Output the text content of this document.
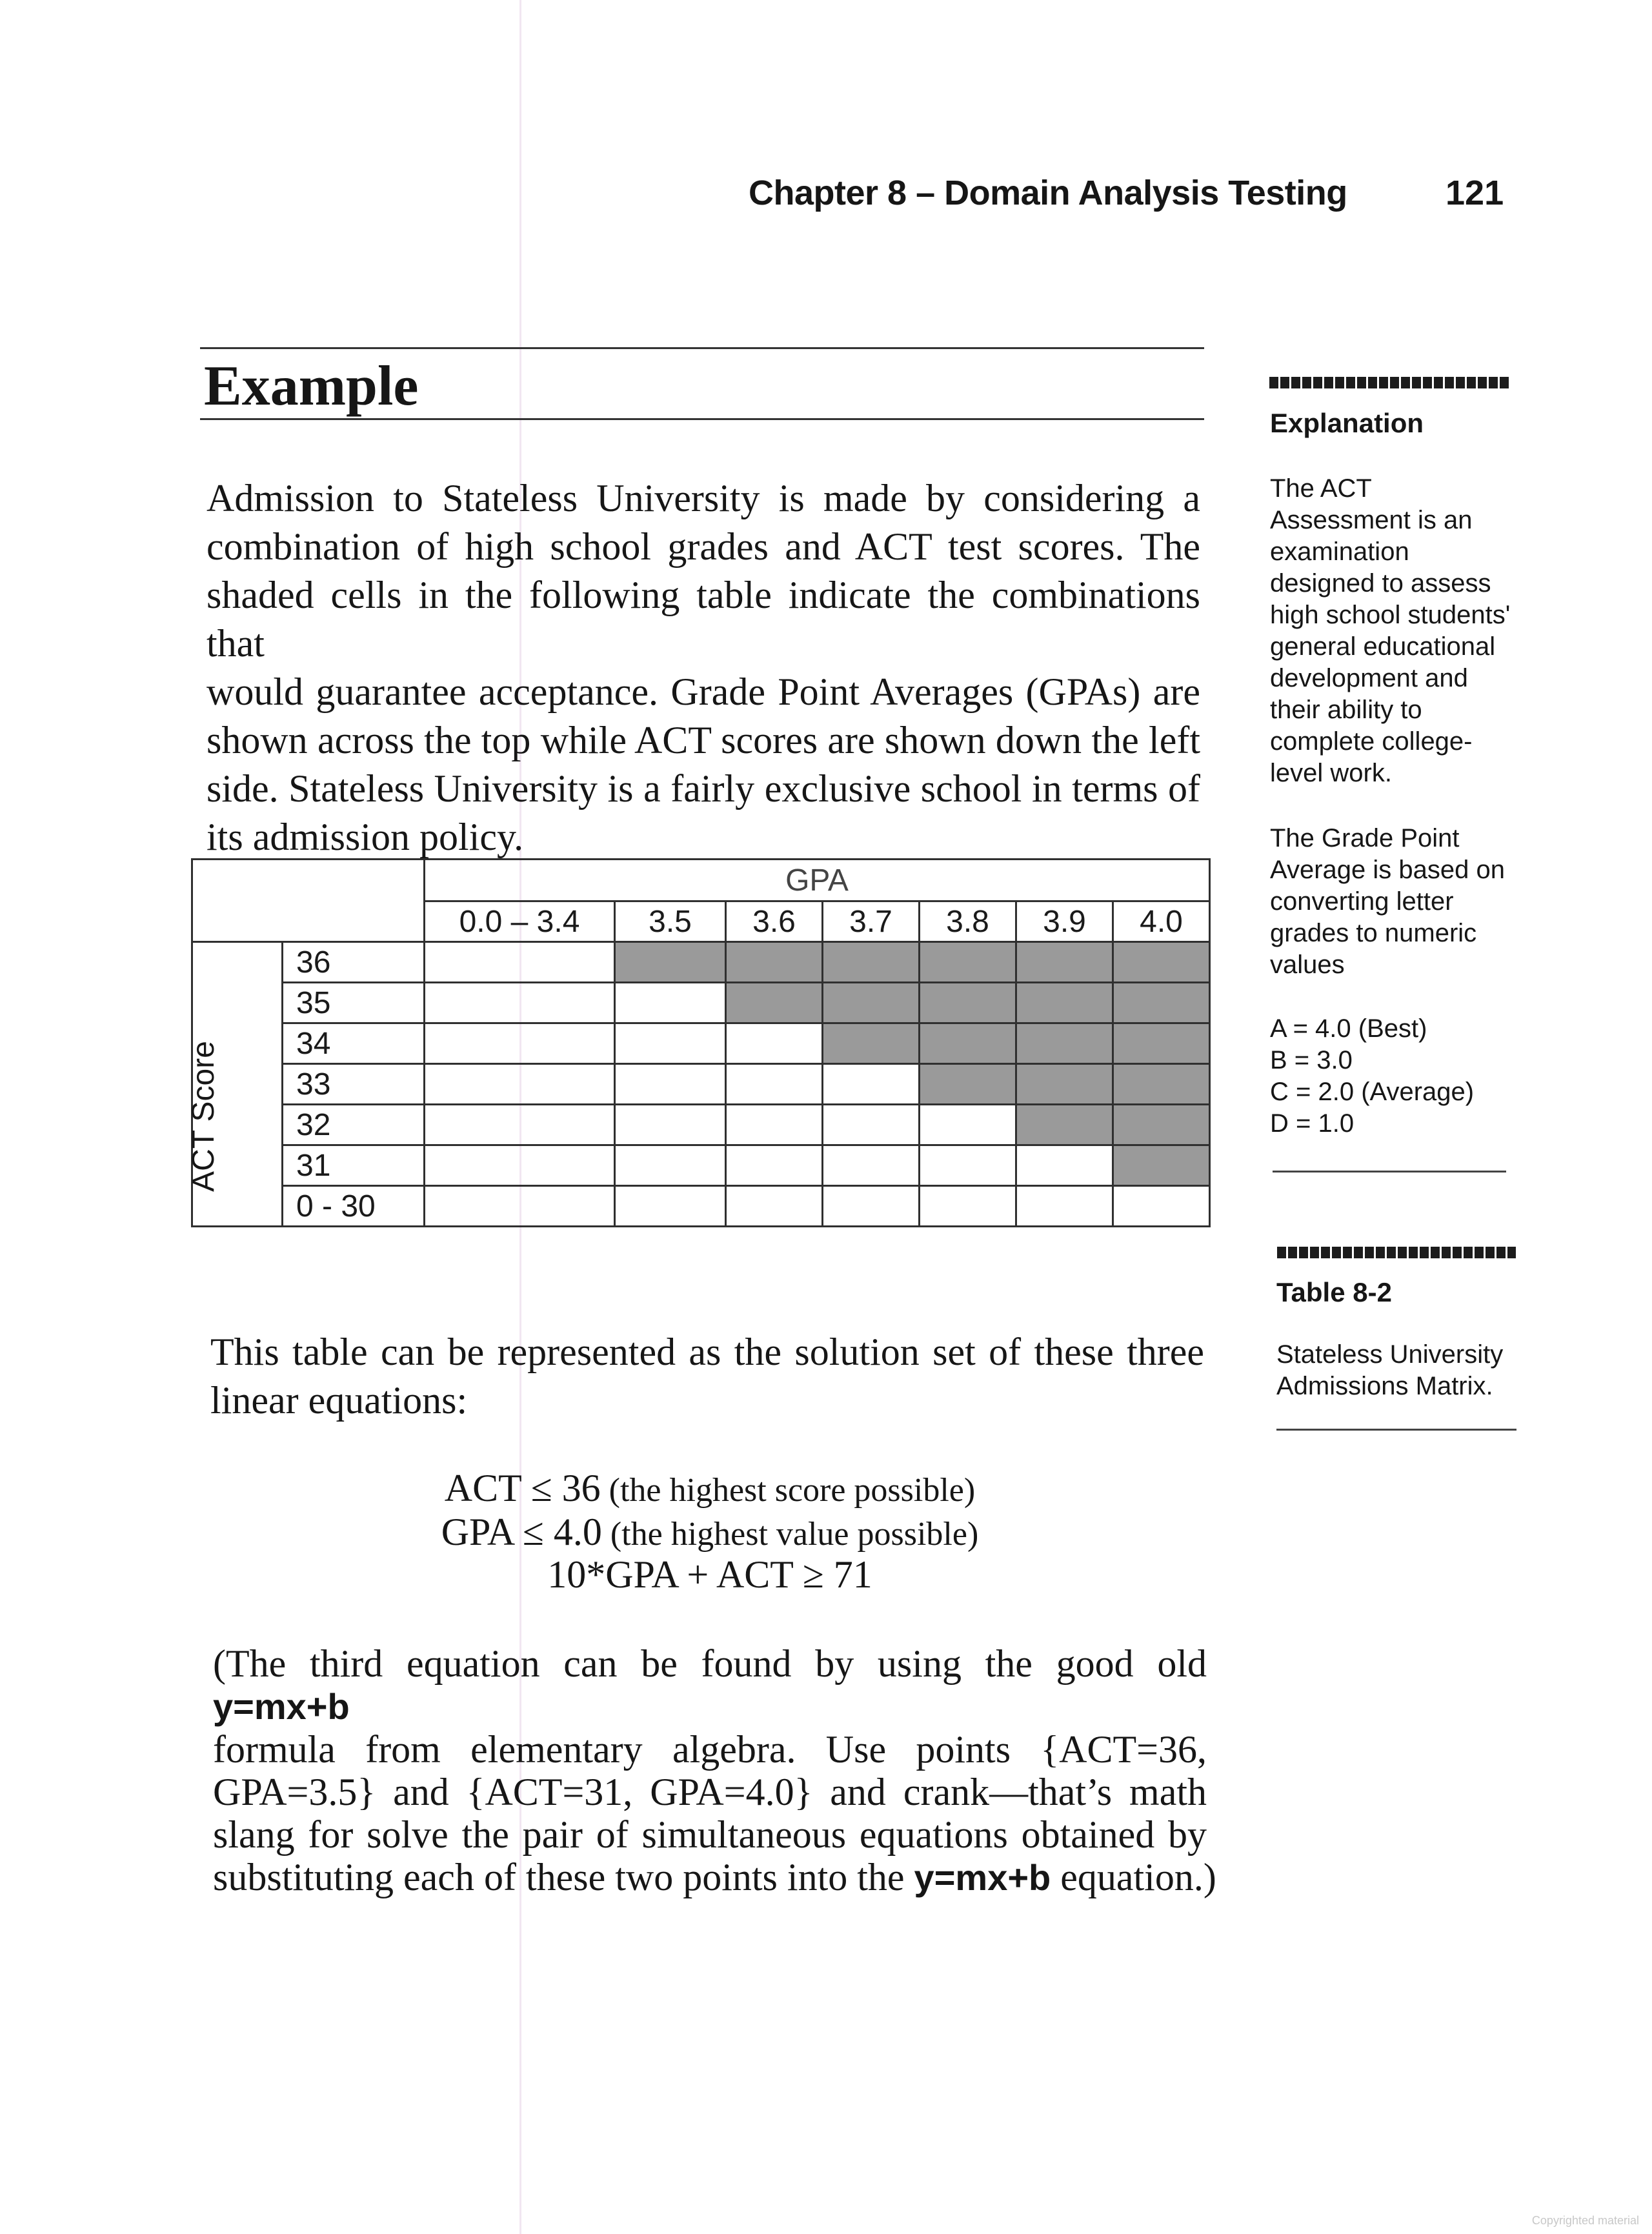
Chapter 8 – Domain Analysis Testing	121
Example
Admission to Stateless University is made by considering a
combination of high school grades and ACT test scores. The
shaded cells in the following table indicate the combinations that
would guarantee acceptance. Grade Point Averages (GPAs) are
shown across the top while ACT scores are shown down the left
side. Stateless University is a fairly exclusive school in terms of
its admission policy.
		GPA						
		0.0 – 3.4	3.5	3.6	3.7	3.8	3.9	4.0
	36							
	35							
	34							
	33							
	32							
	31							
	0 - 30							
ACT Score
This table can be represented as the solution set of these three
linear equations:
ACT ≤ 36 (the highest score possible)
GPA ≤ 4.0 (the highest value possible)
10*GPA + ACT ≥ 71
(The third equation can be found by using the good old y=mx+b
formula from elementary algebra. Use points {ACT=36,
GPA=3.5} and {ACT=31, GPA=4.0} and crank—that’s math
slang for solve the pair of simultaneous equations obtained by
substituting each of these two points into the y=mx+b equation.)
Explanation
The ACT
Assessment is an
examination
designed to assess
high school students'
general educational
development and
their ability to
complete college-
level work.
The Grade Point
Average is based on
converting letter
grades to numeric
values
A = 4.0 (Best)
B = 3.0
C = 2.0 (Average)
D = 1.0
Table 8-2
Stateless University
Admissions Matrix.
Copyrighted material
